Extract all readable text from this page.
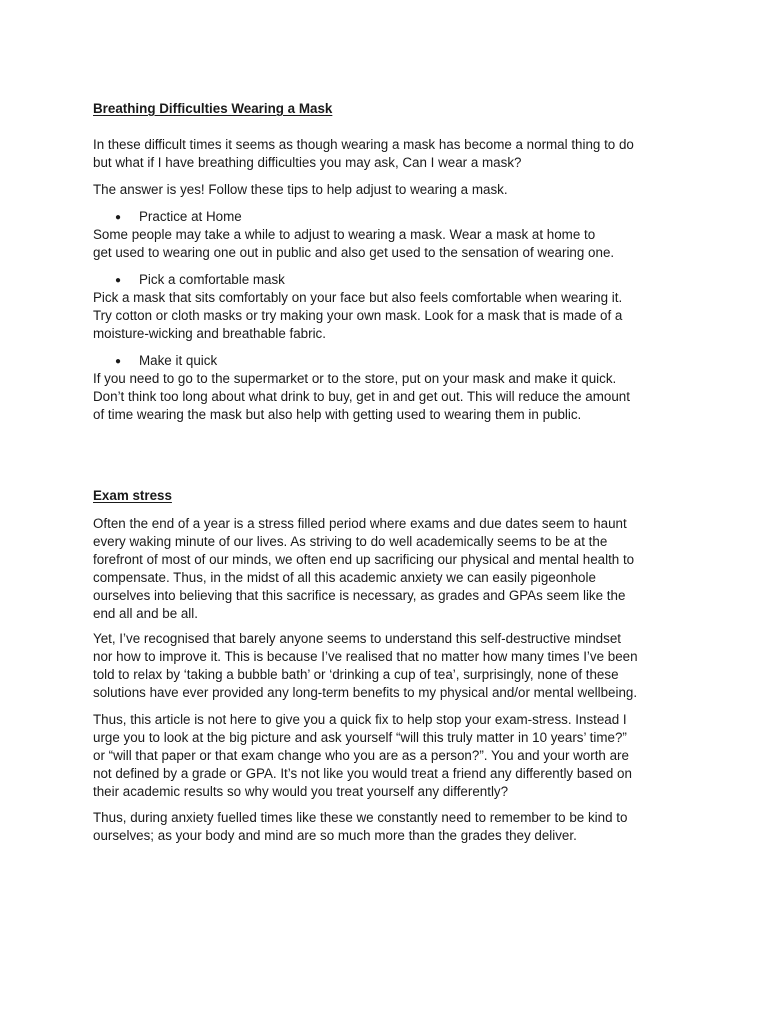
Breathing Difficulties Wearing a Mask

In these difficult times it seems as though wearing a mask has become a normal thing to do
but what if I have breathing difficulties you may ask, Can I wear a mask?

The answer is yes! Follow these tips to help adjust to wearing a mask.

● Practice at Home

Some people may take a while to adjust to wearing a mask. Wear a mask at home to
get used to wearing one out in public and also get used to the sensation of wearing one.

● Pick a comfortable mask

Pick a mask that sits comfortably on your face but also feels comfortable when wearing it.
Try cotton or cloth masks or try making your own mask. Look for a mask that is made of a
moisture-wicking and breathable fabric.

● Make it quick

If you need to go to the supermarket or to the store, put on your mask and make it quick.
Don’t think too long about what drink to buy, get in and get out. This will reduce the amount
of time wearing the mask but also help with getting used to wearing them in public.

Exam stress

Often the end of a year is a stress filled period where exams and due dates seem to haunt
every waking minute of our lives. As striving to do well academically seems to be at the
forefront of most of our minds, we often end up sacrificing our physical and mental health to
compensate. Thus, in the midst of all this academic anxiety we can easily pigeonhole
ourselves into believing that this sacrifice is necessary, as grades and GPAs seem like the
end all and be all.

Yet, I’ve recognised that barely anyone seems to understand this self-destructive mindset
nor how to improve it. This is because I’ve realised that no matter how many times I’ve been
told to relax by ‘taking a bubble bath’ or ‘drinking a cup of tea’, surprisingly, none of these
solutions have ever provided any long-term benefits to my physical and/or mental wellbeing.

Thus, this article is not here to give you a quick fix to help stop your exam-stress. Instead I
urge you to look at the big picture and ask yourself “will this truly matter in 10 years’ time?”
or “will that paper or that exam change who you are as a person?”. You and your worth are
not defined by a grade or GPA. It’s not like you would treat a friend any differently based on
their academic results so why would you treat yourself any differently?

Thus, during anxiety fuelled times like these we constantly need to remember to be kind to
ourselves; as your body and mind are so much more than the grades they deliver.
